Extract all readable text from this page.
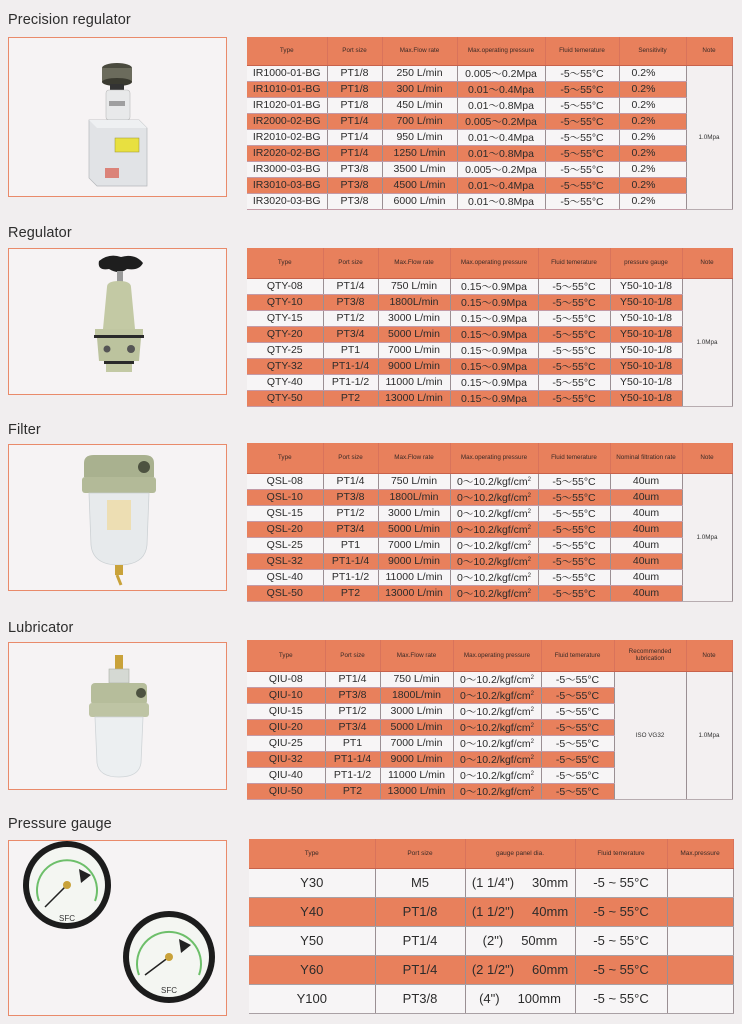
Precision regulator
Type	Port size	Max.Flow rate	Max.operating pressure	Fluid temerature	Sensitivity	Note
IR1000-01-BG	PT1/8	250 L/min	0.005～0.2Mpa	-5～55°C	0.2%	1.0Mpa
IR1010-01-BG	PT1/8	300 L/min	0.01～0.4Mpa	-5～55°C	0.2%	
IR1020-01-BG	PT1/8	450 L/min	0.01～0.8Mpa	-5～55°C	0.2%	
IR2000-02-BG	PT1/4	700 L/min	0.005～0.2Mpa	-5～55°C	0.2%	
IR2010-02-BG	PT1/4	950 L/min	0.01～0.4Mpa	-5～55°C	0.2%	
IR2020-02-BG	PT1/4	1250 L/min	0.01～0.8Mpa	-5～55°C	0.2%	
IR3000-03-BG	PT3/8	3500 L/min	0.005～0.2Mpa	-5～55°C	0.2%	
IR3010-03-BG	PT3/8	4500 L/min	0.01～0.4Mpa	-5～55°C	0.2%	
IR3020-03-BG	PT3/8	6000 L/min	0.01～0.8Mpa	-5～55°C	0.2%	
Regulator
Type	Port size	Max.Flow rate	Max.operating pressure	Fluid temerature	pressure gauge	Note
QTY-08	PT1/4	750 L/min	0.15～0.9Mpa	-5～55°C	Y50-10-1/8	1.0Mpa
QTY-10	PT3/8	1800L/min	0.15～0.9Mpa	-5～55°C	Y50-10-1/8	
QTY-15	PT1/2	3000 L/min	0.15～0.9Mpa	-5～55°C	Y50-10-1/8	
QTY-20	PT3/4	5000 L/min	0.15～0.9Mpa	-5～55°C	Y50-10-1/8	
QTY-25	PT1	7000 L/min	0.15～0.9Mpa	-5～55°C	Y50-10-1/8	
QTY-32	PT1-1/4	9000 L/min	0.15～0.9Mpa	-5～55°C	Y50-10-1/8	
QTY-40	PT1-1/2	11000 L/min	0.15～0.9Mpa	-5～55°C	Y50-10-1/8	
QTY-50	PT2	13000 L/min	0.15～0.9Mpa	-5～55°C	Y50-10-1/8	
Filter
Type	Port size	Max.Flow rate	Max.operating pressure	Fluid temerature	Nominal filtration rate	Note
QSL-08	PT1/4	750 L/min	$0\sim 10.2/kgf/cm^2$	-5～55°C	40um	1.0Mpa
QSL-10	PT3/8	1800L/min	$0\sim 10.2/kgf/cm^2$	-5～55°C	40um	
QSL-15	PT1/2	3000 L/min	$0\sim 10.2/kgf/cm^2$	-5～55°C	40um	
QSL-20	PT3/4	5000 L/min	$0\sim 10.2/kgf/cm^2$	-5～55°C	40um	
QSL-25	PT1	7000 L/min	$0\sim 10.2/kgf/cm^2$	-5～55°C	40um	
QSL-32	PT1-1/4	9000 L/min	$0\sim 10.2/kgf/cm^2$	-5～55°C	40um	
QSL-40	PT1-1/2	11000 L/min	$0\sim 10.2/kgf/cm^2$	-5～55°C	40um	
QSL-50	PT2	13000 L/min	$0\sim 10.2/kgf/cm^2$	-5～55°C	40um	
Lubricator
Type	Port size	Max.Flow rate	Max.operating pressure	Fluid temerature	Recommended lubrication	Note
QIU-08	PT1/4	750 L/min	$0\sim 10.2/kgf/cm^2$	-5～55°C	ISO VG32	1.0Mpa
QIU-10	PT3/8	1800L/min	$0\sim 10.2/kgf/cm^2$	-5～55°C		
QIU-15	PT1/2	3000 L/min	$0\sim 10.2/kgf/cm^2$	-5～55°C		
QIU-20	PT3/4	5000 L/min	$0\sim 10.2/kgf/cm^2$	-5～55°C		
QIU-25	PT1	7000 L/min	$0\sim 10.2/kgf/cm^2$	-5～55°C		
QIU-32	PT1-1/4	9000 L/min	$0\sim 10.2/kgf/cm^2$	-5～55°C		
QIU-40	PT1-1/2	11000 L/min	$0\sim 10.2/kgf/cm^2$	-5～55°C		
QIU-50	PT2	13000 L/min	$0\sim 10.2/kgf/cm^2$	-5～55°C		
Pressure gauge
SFC
SFC
Type	Port size	gauge panel dia.	Fluid temerature	Max.pressure
Y30	M5	(1 1/4") 30mm	-5 ~ 55°C	
Y40	PT1/8	(1 1/2") 40mm	-5 ~ 55°C	
Y50	PT1/4	(2") 50mm	-5 ~ 55°C	
Y60	PT1/4	(2 1/2") 60mm	-5 ~ 55°C	
Y100	PT3/8	(4") 100mm	-5 ~ 55°C	
